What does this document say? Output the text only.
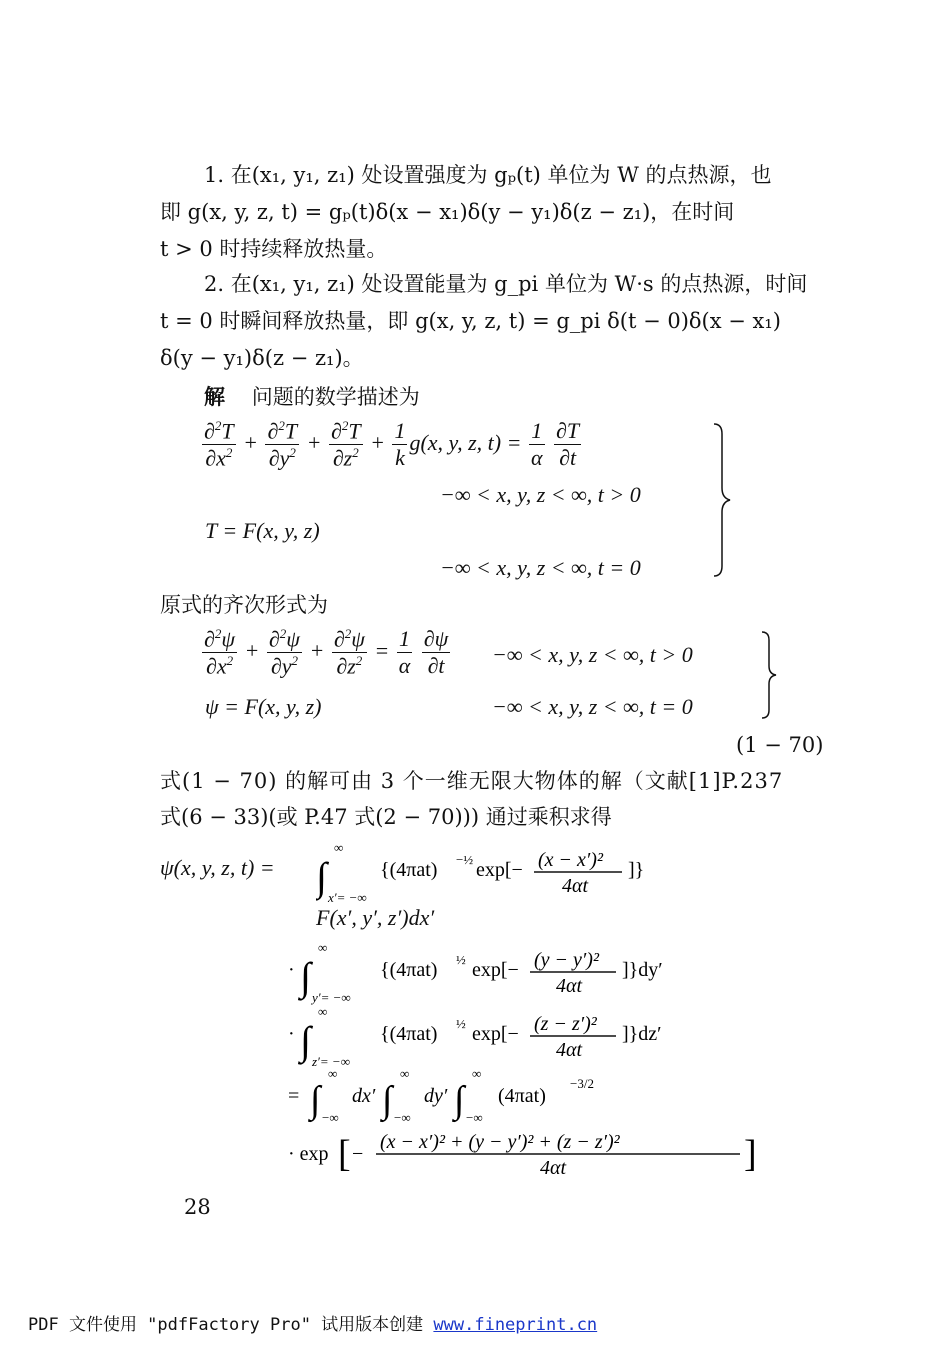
1. 在(x₁, y₁, z₁) 处设置强度为 gₚ(t) 单位为 W 的点热源，也
即 g(x, y, z, t) = gₚ(t)δ(x − x₁)δ(y − y₁)δ(z − z₁)，在时间
t > 0 时持续释放热量。
2. 在(x₁, y₁, z₁) 处设置能量为 g_pi 单位为 W·s 的点热源，时间
t = 0 时瞬间释放热量，即 g(x, y, z, t) = g_pi δ(t − 0)δ(x − x₁)
δ(y − y₁)δ(z − z₁)。
解 问题的数学描述为
$\frac{\partial^2T}{\partial x^2} + \frac{\partial^2T}{\partial y^2} + \frac{\partial^2T}{\partial z^2} + \frac{1}{k} g(x$, y, z, $t) = \frac{1}{\alpha}$
$\frac{\partial T}{\partial t}$
−∞ < x, y, z < ∞, t > 0
T = F(x, y, z)
−∞ < x, y, z < ∞, t = 0
原式的齐次形式为
$\frac{\partial^2\psi}{\partial x^2} + \frac{\partial^2\psi}{\partial y^2} + \frac{\partial^2\psi}{\partial z^2} = \frac{1}{\alpha}$
$\frac{\partial\psi}{\partial t}$ −∞ < x, y, z < ∞, t > 0
ψ = F(x, y, z)	−∞ < x, y, z < ∞, t = 0
(1 − 70)
式(1 − 70) 的解可由 3 个一维无限大物体的解（文献[1]P.237
式(6 − 33)(或 P.47 式(2 − 70))) 通过乘积求得
ψ(x, y, z, t) = ∫
∞
x′= −∞
{(4πat) −½ exp[− (x − x′)²
4αt
]}
F(x′, y′, z′)dx′
· ∫
∞
y′= −∞
{(4πat) ½ exp[− (y − y′)²
4αt
]}dy′
· ∫
∞
z′= −∞
{(4πat) ½ exp[− (z − z′)²
4αt
]}dz′
= ∫
∞
−∞
dx′ ∫
∞
−∞
dy′ ∫
∞
−∞
(4πat)
−3/2
· exp [ −
(x − x′)² + (y − y′)² + (z − z′)²
4αt	]
28
PDF 文件使用 "pdfFactory Pro" 试用版本创建 www.fineprint.cn
